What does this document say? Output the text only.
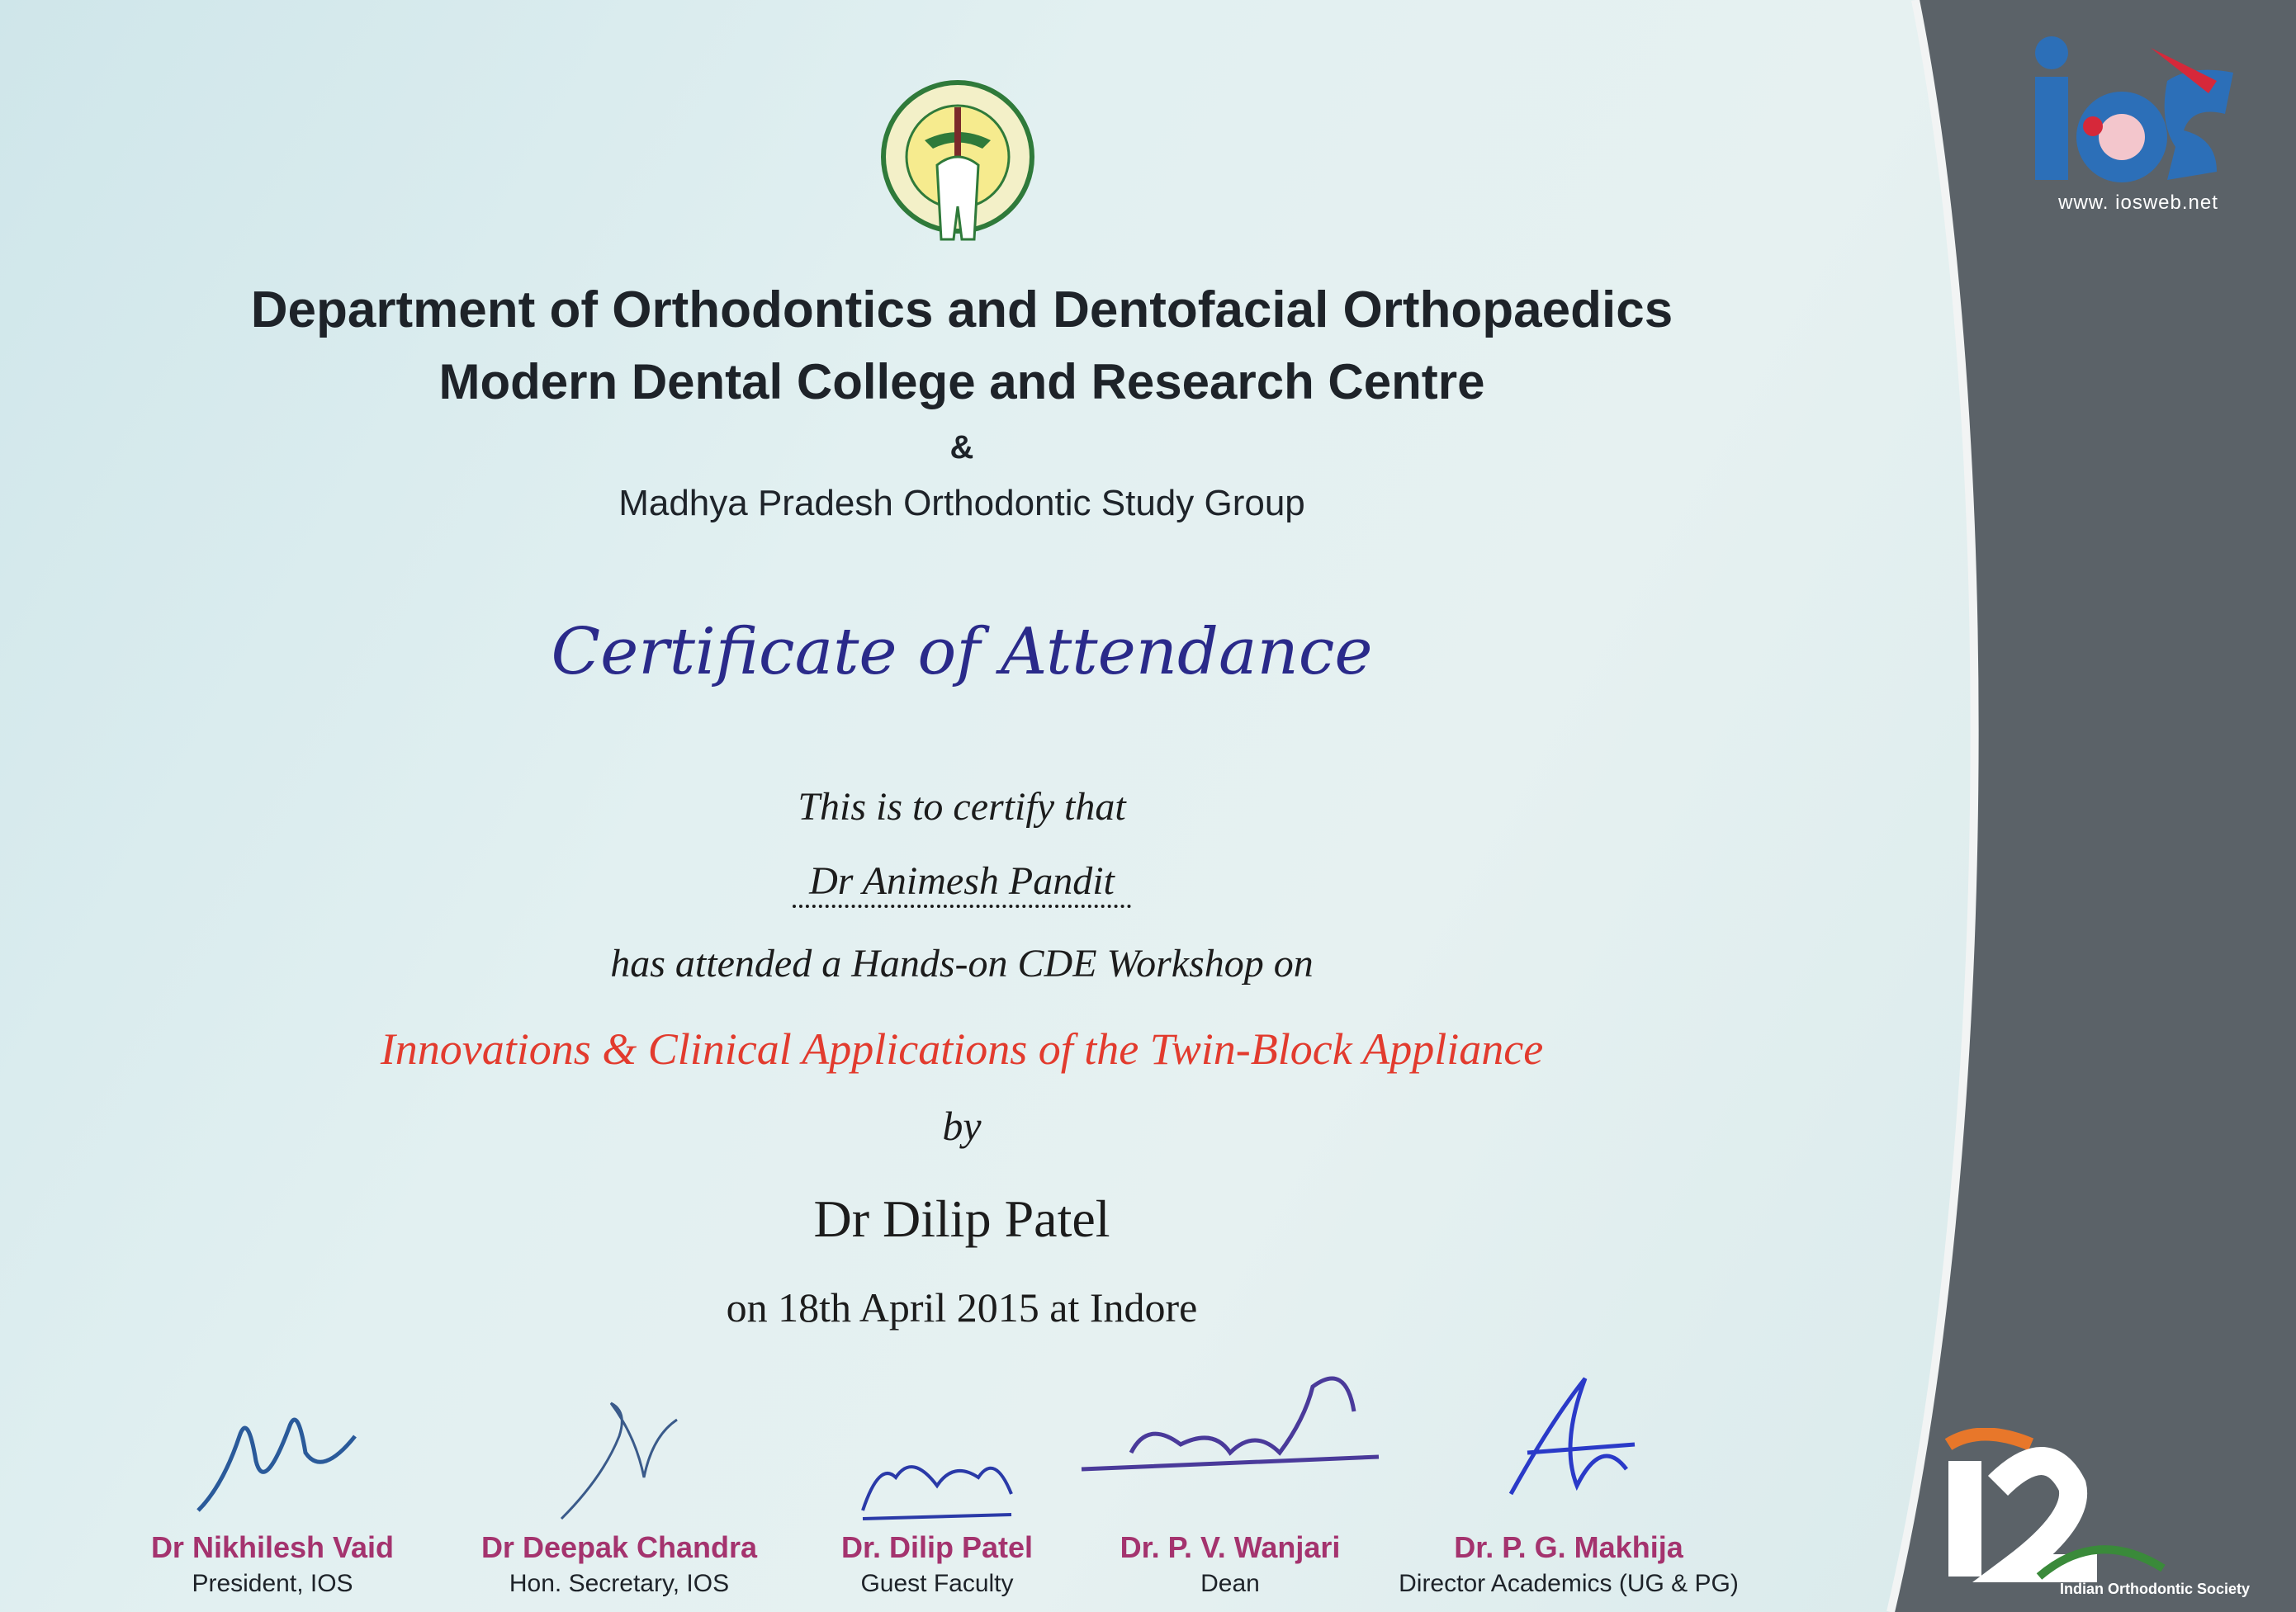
www. iosweb.net
Indian Orthodontic Society
Department of Orthodontics and Dentofacial Orthopaedics
Modern Dental College and Research Centre
&
Madhya Pradesh Orthodontic Study Group
Certificate of Attendance
This is to certify that
Dr Animesh Pandit
has attended a Hands-on CDE Workshop on
Innovations & Clinical Applications of the Twin-Block Appliance
by
Dr Dilip Patel
on 18th April 2015 at Indore
Dr Nikhilesh Vaid
President, IOS
Dr Deepak Chandra
Hon. Secretary, IOS
Dr. Dilip Patel
Guest Faculty
Dr. P. V. Wanjari
Dean
Dr. P. G. Makhija
Director Academics (UG & PG)
